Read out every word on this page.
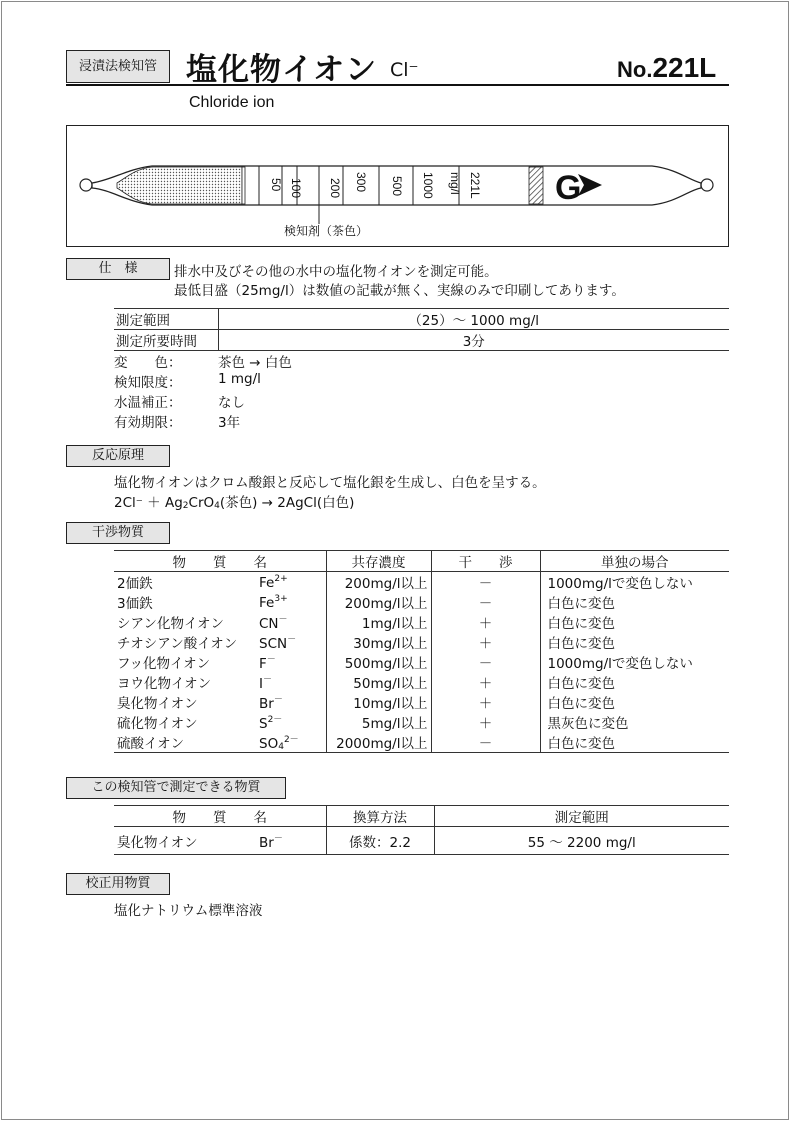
浸漬法検知管 塩化物イオン Cl⁻	No.221L
Chloride ion
50 100 200 300 500 1000 mg/l 221L G
検知剤（茶色）
仕　様	排水中及びその他の水中の塩化物イオンを測定可能。
最低目盛（25mg/l）は数値の記載が無く、実線のみで印刷してあります。
測定範囲	（25）～ 1000 mg/l
測定所要時間	3分
変　　色：	茶色 → 白色
検知限度：	1 mg/l
水温補正：	なし
有効期限：	3年
反応原理
塩化物イオンはクロム酸銀と反応して塩化銀を生成し、白色を呈する。
$2Cl^- + Ag_2CrO_4$(茶色) → 2AgCl(白色)
干渉物質
物　　質　　名		共存濃度	干　　渉	単独の場合
2価鉄	$Fe^{2+}$	200mg/l以上	－	1000mg/lで変色しない
3価鉄	$Fe^{3+}$	200mg/l以上	－	白色に変色
シアン化物イオン	CN－	1mg/l以上	＋	白色に変色
チオシアン酸イオン	SCN－	30mg/l以上	＋	白色に変色
フッ化物イオン	F－	500mg/l以上	－	1000mg/lで変色しない
ヨウ化物イオン	I－	50mg/l以上	＋	白色に変色
臭化物イオン	Br－	10mg/l以上	＋	白色に変色
硫化物イオン	$S^{2-}$	5mg/l以上	＋	黒灰色に変色
硫酸イオン	$SO_4^{2-}$	2000mg/l以上	－	白色に変色
この検知管で測定できる物質
物　　質　　名		換算方法	測定範囲
臭化物イオン	Br－	係数：2.2	55 ～ 2200 mg/l
校正用物質
塩化ナトリウム標準溶液
